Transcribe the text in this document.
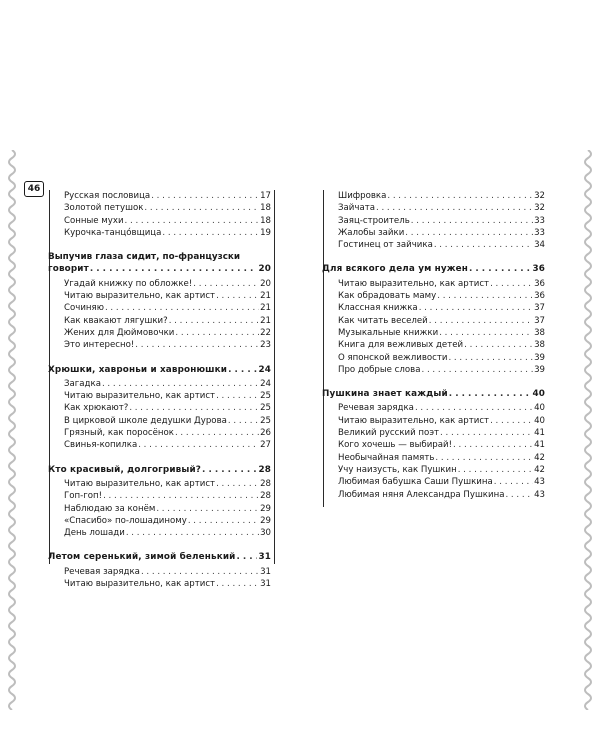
46
Русская пословица . . .	17
Золотой петушок . . .	18
Сонные мухи . . .	18
Курочка-танцо́вщица . . .	19
Выпучив глаза сидит, по-французски
говорит . . .	20
Угадай книжку по обложке! . . .	20
Читаю выразительно, как артист . . .	21
Сочиняю . . .	21
Как квакают лягушки? . . .	21
Жених для Дюймовочки . . .	22
Это интересно! . . .	23
Хрюшки, хавроньи и хавронюшки . . .	24
Загадка . . .	24
Читаю выразительно, как артист . . .	25
Как хрюкают? . . .	25
В цирковой школе дедушки Дурова . . .	25
Грязный, как поросёнок . . .	26
Свинья-копилка . . .	27
Кто красивый, долгогривый? . . .	28
Читаю выразительно, как артист . . .	28
Гоп-гоп! . . .	28
Наблюдаю за конём . . .	29
«Спасибо» по-лошадиному . . .	29
День лошади . . .	30
Летом серенький, зимой беленький . . .	31
Речевая зарядка . . .	31
Читаю выразительно, как артист . . .	31
Шифровка . . .	32
Зайчата . . .	32
Заяц-строитель . . .	33
Жалобы зайки . . .	33
Гостинец от зайчика . . .	34
Для всякого дела ум нужен . . .	36
Читаю выразительно, как артист . . .	36
Как обрадовать маму . . .	36
Классная книжка . . .	37
Как читать веселей . . .	37
Музыкальные книжки . . .	38
Книга для вежливых детей . . .	38
О японской вежливости . . .	39
Про добрые слова . . .	39
Пушкина знает каждый . . .	40
Речевая зарядка . . .	40
Читаю выразительно, как артист . . .	40
Великий русский поэт . . .	41
Кого хочешь — выбирай! . . .	41
Необычайная память . . .	42
Учу наизусть, как Пушкин . . .	42
Любимая бабушка Саши Пушкина . . .	43
Любимая няня Александра Пушкина . . .	43
